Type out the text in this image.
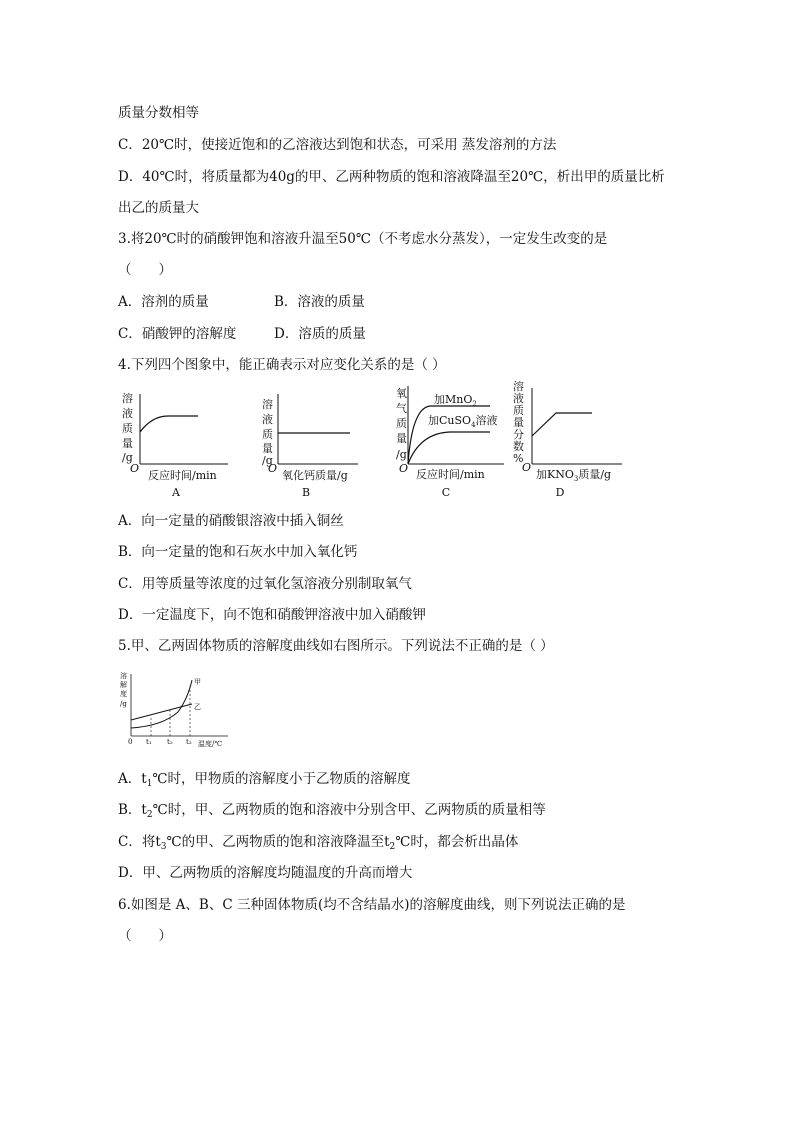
质量分数相等
C．20℃时，使接近饱和的乙溶液达到饱和状态，可采用 蒸发溶剂的方法
D．40℃时，将质量都为40g的甲、乙两种物质的饱和溶液降温至20℃，析出甲的质量比析
出乙的质量大
3.将20℃时的硝酸钾饱和溶液升温至50℃（不考虑水分蒸发），一定发生改变的是
（　　）
A．溶剂的质量	B．溶液的质量
C．硝酸钾的溶解度	D．溶质的质量
4.下列四个图象中，能正确表示对应变化关系的是（ ）
溶
液
质
量
/g
O
反应时间/min
A
溶
液
质
量
/g
O
氧化钙质量/g
B
氧
气
质
量
/g
O 反应时间/min
加MnO$_2$
加CuSO$_4$溶液
C
溶
液
质
量
分
数
%
O
加$KNO_3$质量/g
D
A．向一定量的硝酸银溶液中插入铜丝
B．向一定量的饱和石灰水中加入氧化钙
C．用等质量等浓度的过氧化氢溶液分别制取氧气
D．一定温度下，向不饱和硝酸钾溶液中加入硝酸钾
5.甲、乙两固体物质的溶解度曲线如右图所示。下列说法不正确的是（ ）
溶
解
度
/g
0 t₁ t₂ t₃ 温度/℃
甲
乙
A．$t_1℃$时，甲物质的溶解度小于乙物质的溶解度
B．$t_2℃$时，甲、乙两物质的饱和溶液中分别含甲、乙两物质的质量相等
C．将$t_3℃$的甲、乙两物质的饱和溶液降温至$t_2℃$时，都会析出晶体
D．甲、乙两物质的溶解度均随温度的升高而增大
6.如图是 A、B、C 三种固体物质(均不含结晶水)的溶解度曲线，则下列说法正确的是
（　　）
